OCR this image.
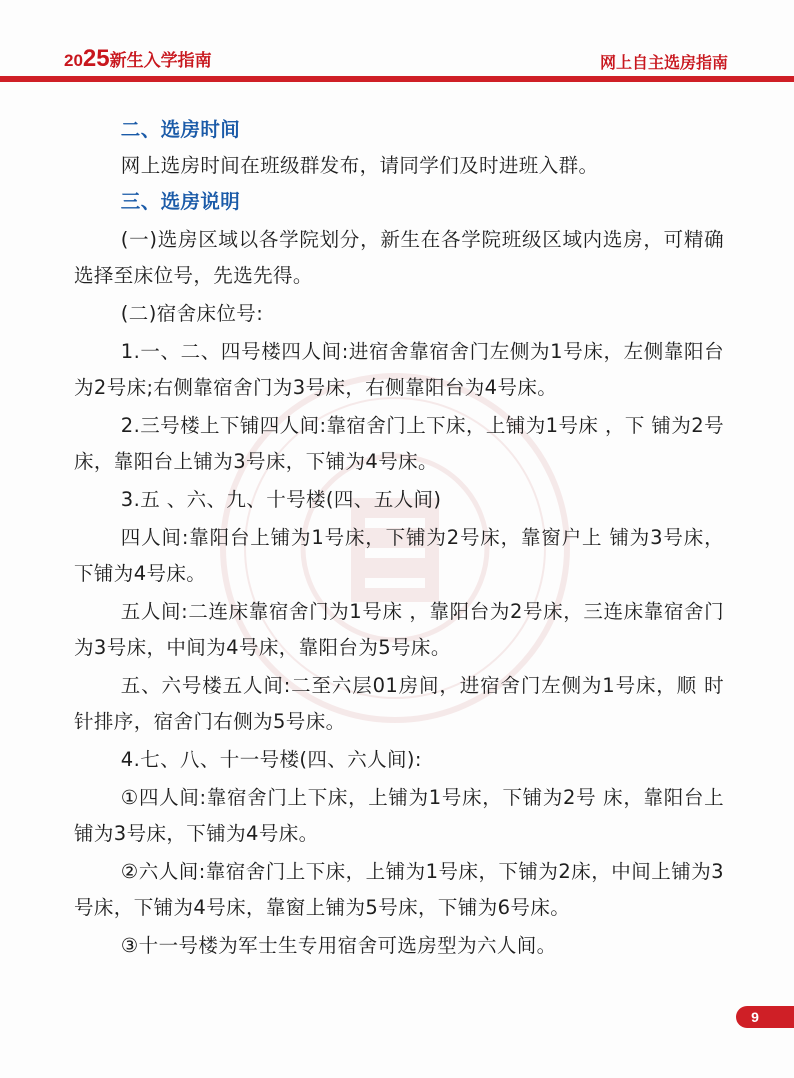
2025新生入学指南	网上自主选房指南

二、选房时间

网上选房时间在班级群发布，请同学们及时进班入群。

三、选房说明

(一)选房区域以各学院划分，新生在各学院班级区域内选房，可精确选择至床位号，先选先得。

(二)宿舍床位号:

1.一、二、四号楼四人间:进宿舍靠宿舍门左侧为1号床，左侧靠阳台为2号床;右侧靠宿舍门为3号床，右侧靠阳台为4号床。

2.三号楼上下铺四人间:靠宿舍门上下床，上铺为1号床 ，下 铺为2号床，靠阳台上铺为3号床，下铺为4号床。

3.五 、六、九、十号楼(四、五人间)

四人间:靠阳台上铺为1号床，下铺为2号床，靠窗户上 铺为3号床，下铺为4号床。

五人间:二连床靠宿舍门为1号床 ，靠阳台为2号床，三连床靠宿舍门为3号床，中间为4号床，靠阳台为5号床。

五、六号楼五人间:二至六层01房间，进宿舍门左侧为1号床，顺 时针排序，宿舍门右侧为5号床。

4.七、八、十一号楼(四、六人间):

①四人间:靠宿舍门上下床，上铺为1号床，下铺为2号 床，靠阳台上铺为3号床，下铺为4号床。

②六人间:靠宿舍门上下床，上铺为1号床，下铺为2床，中间上铺为3号床，下铺为4号床，靠窗上铺为5号床，下铺为6号床。

③十一号楼为军士生专用宿舍可选房型为六人间。

9
